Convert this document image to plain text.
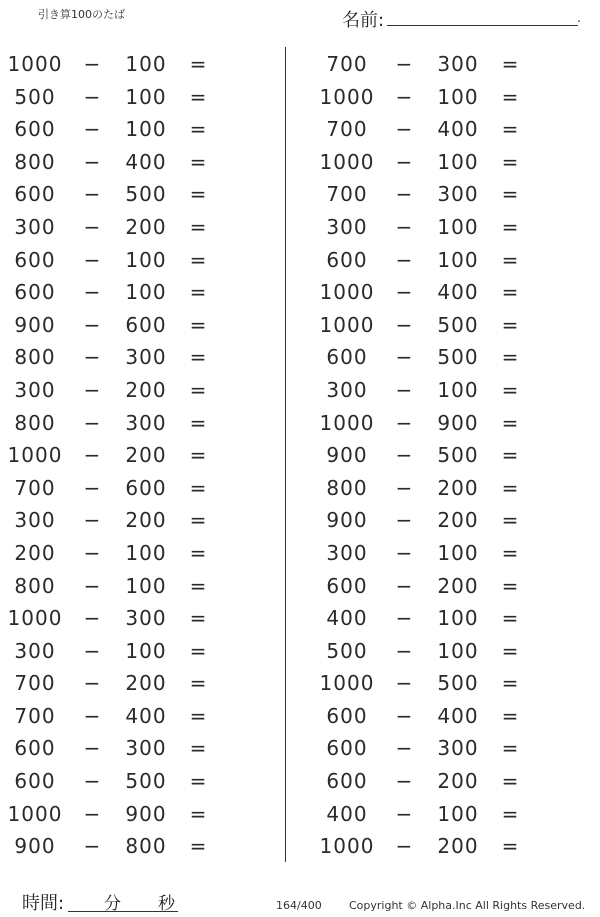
引き算100のたば	名前:	.
1000	−	100	=
500	−	100	=
600	−	100	=
800	−	400	=
600	−	500	=
300	−	200	=
600	−	100	=
600	−	100	=
900	−	600	=
800	−	300	=
300	−	200	=
800	−	300	=
1000	−	200	=
700	−	600	=
300	−	200	=
200	−	100	=
800	−	100	=
1000	−	300	=
300	−	100	=
700	−	200	=
700	−	400	=
600	−	300	=
600	−	500	=
1000	−	900	=
900	−	800	=
700	−	300	=
1000	−	100	=
700	−	400	=
1000	−	100	=
700	−	300	=
300	−	100	=
600	−	100	=
1000	−	400	=
1000	−	500	=
600	−	500	=
300	−	100	=
1000	−	900	=
900	−	500	=
800	−	200	=
900	−	200	=
300	−	100	=
600	−	200	=
400	−	100	=
500	−	100	=
1000	−	500	=
600	−	400	=
600	−	300	=
600	−	200	=
400	−	100	=
1000	−	200	=
時間: 分 秒	164/400 Copyright © Alpha.Inc All Rights Reserved.
